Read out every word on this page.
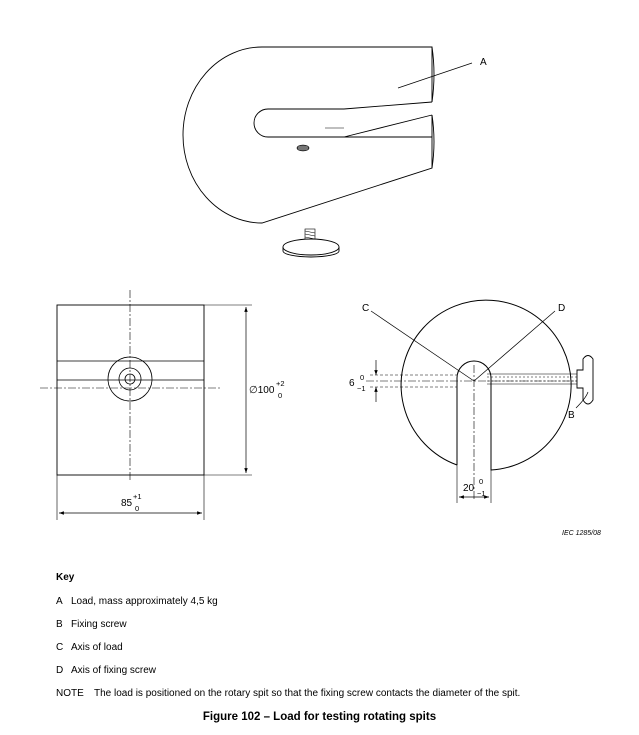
A
∅100
+2
0
85
+1
0
C	D
B
6
0
−1
20
0
−1
IEC 1285/08
Key
A Load, mass approximately 4,5 kg
B Fixing screw
C Axis of load
D Axis of fixing screw
NOTE The load is positioned on the rotary spit so that the fixing screw contacts the diameter of the spit.
Figure 102 – Load for testing rotating spits
